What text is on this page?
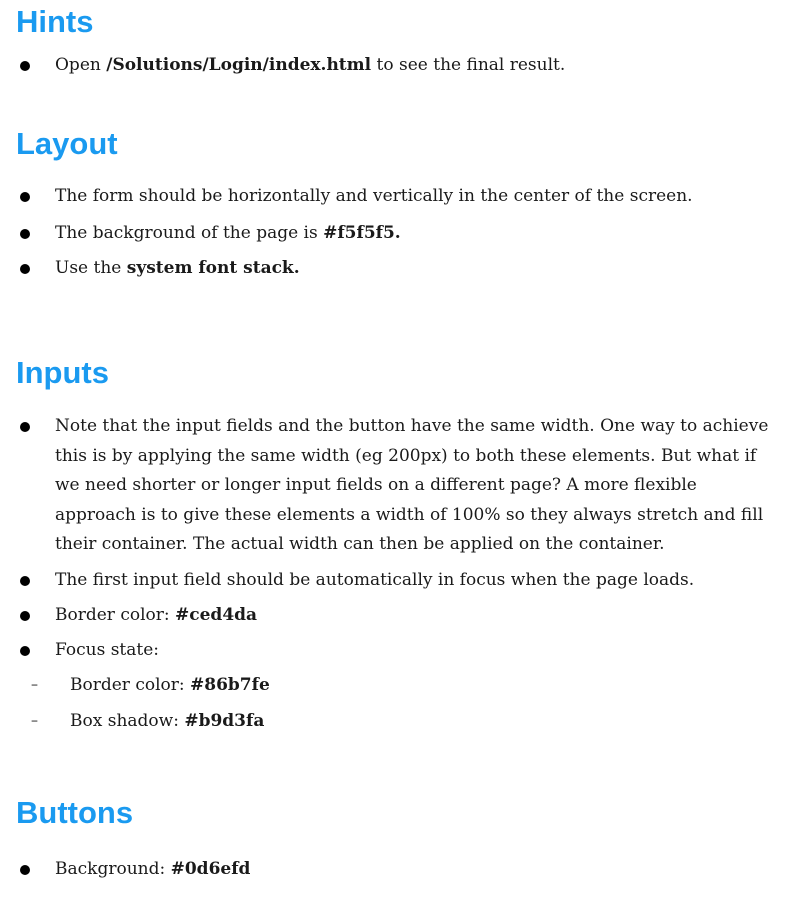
Hints
Open /Solutions/Login/index.html to see the final result.
Layout
The form should be horizontally and vertically in the center of the screen.
The background of the page is #f5f5f5.
Use the system font stack.
Inputs
Note that the input fields and the button have the same width. One way to achieve this is by applying the same width (eg 200px) to both these elements. But what if we need shorter or longer input fields on a different page? A more flexible approach is to give these elements a width of 100% so they always stretch and fill their container. The actual width can then be applied on the container.
The first input field should be automatically in focus when the page loads.
Border color: #ced4da
Focus state:
– Border color: #86b7fe
– Box shadow: #b9d3fa
Buttons
Background: #0d6efd
